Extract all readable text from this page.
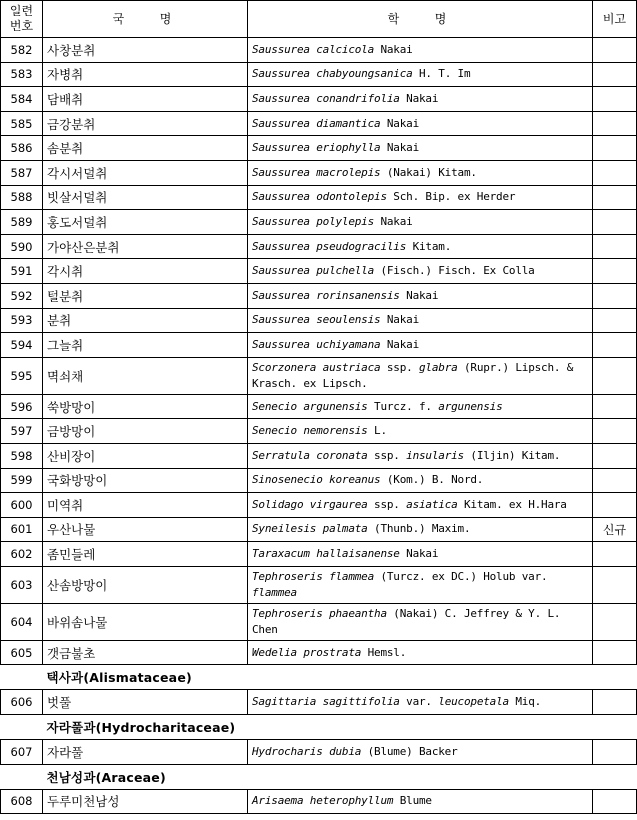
일련
번호	국   명	학   명	비고
582	사창분취	Saussurea calcicola Nakai	
583	자병취	Saussurea chabyoungsanica H. T. Im	
584	담배취	Saussurea conandrifolia Nakai	
585	금강분취	Saussurea diamantica Nakai	
586	솜분취	Saussurea eriophylla Nakai	
587	각시서덜취	Saussurea macrolepis (Nakai) Kitam.	
588	빗살서덜취	Saussurea odontolepis Sch. Bip. ex Herder	
589	홍도서덜취	Saussurea polylepis Nakai	
590	가야산은분취	Saussurea pseudogracilis Kitam.	
591	각시취	Saussurea pulchella (Fisch.) Fisch. Ex Colla	
592	털분취	Saussurea rorinsanensis Nakai	
593	분취	Saussurea seoulensis Nakai	
594	그늘취	Saussurea uchiyamana Nakai	
595	멱쇠채	Scorzonera austriaca ssp. glabra (Rupr.) Lipsch. & Krasch. ex Lipsch.	
596	쑥방망이	Senecio argunensis Turcz. f. argunensis	
597	금방망이	Senecio nemorensis L.	
598	산비장이	Serratula coronata ssp. insularis (Iljin) Kitam.	
599	국화방망이	Sinosenecio koreanus (Kom.) B. Nord.	
600	미역취	Solidago virgaurea ssp. asiatica Kitam. ex H.Hara	
601	우산나물	Syneilesis palmata (Thunb.) Maxim.	신규
602	좀민들레	Taraxacum hallaisanense Nakai	
603	산솜방망이	Tephroseris flammea (Turcz. ex DC.) Holub var. flammea	
604	바위솜나물	Tephroseris phaeantha (Nakai) C. Jeffrey & Y. L. Chen	
605	갯금불초	Wedelia prostrata Hemsl.	
택사과(Alismataceae)			
606	벗풀	Sagittaria sagittifolia var. leucopetala Miq.	
자라풀과(Hydrocharitaceae)			
607	자라풀	Hydrocharis dubia (Blume) Backer	
천남성과(Araceae)			
608	두루미천남성	Arisaema heterophyllum Blume	
